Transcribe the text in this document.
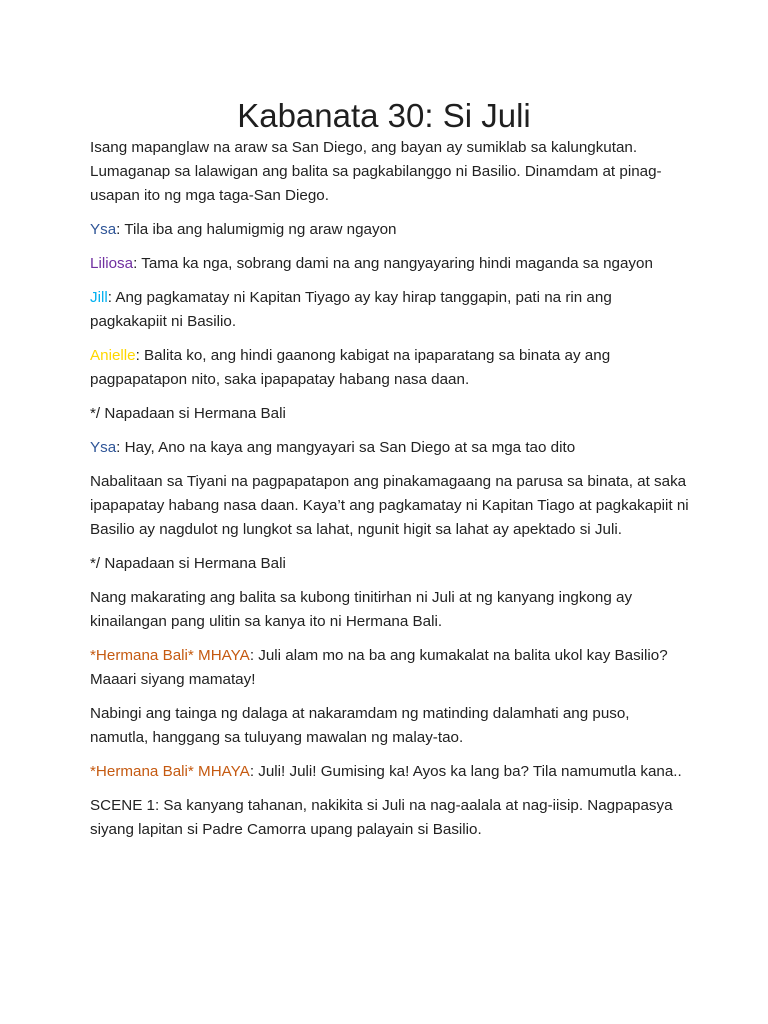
Kabanata 30: Si Juli

Isang mapanglaw na araw sa San Diego, ang bayan ay sumiklab sa kalungkutan. Lumaganap sa lalawigan ang balita sa pagkabilanggo ni Basilio. Dinamdam at pinag-usapan ito ng mga taga-San Diego.

Ysa: Tila iba ang halumigmig ng araw ngayon

Liliosa: Tama ka nga, sobrang dami na ang nangyayaring hindi maganda sa ngayon

Jill: Ang pagkamatay ni Kapitan Tiyago ay kay hirap tanggapin, pati na rin ang pagkakapiit ni Basilio.

Anielle: Balita ko, ang hindi gaanong kabigat na ipaparatang sa binata ay ang pagpapatapon nito, saka ipapapatay habang nasa daan.

*/ Napadaan si Hermana Bali

Ysa: Hay, Ano na kaya ang mangyayari sa San Diego at sa mga tao dito

Nabalitaan sa Tiyani na pagpapatapon ang pinakamagaang na parusa sa binata, at saka ipapapatay habang nasa daan. Kaya’t ang pagkamatay ni Kapitan Tiago at pagkakapiit ni Basilio ay nagdulot ng lungkot sa lahat, ngunit higit sa lahat ay apektado si Juli.

*/ Napadaan si Hermana Bali

Nang makarating ang balita sa kubong tinitirhan ni Juli at ng kanyang ingkong ay kinailangan pang ulitin sa kanya ito ni Hermana Bali.

*Hermana Bali* MHAYA: Juli alam mo na ba ang kumakalat na balita ukol kay Basilio? Maaari siyang mamatay!

Nabingi ang tainga ng dalaga at nakaramdam ng matinding dalamhati ang puso, namutla, hanggang sa tuluyang mawalan ng malay-tao.

*Hermana Bali* MHAYA: Juli! Juli! Gumising ka! Ayos ka lang ba? Tila namumutla kana..

SCENE 1: Sa kanyang tahanan, nakikita si Juli na nag-aalala at nag-iisip. Nagpapasya siyang lapitan si Padre Camorra upang palayain si Basilio.
